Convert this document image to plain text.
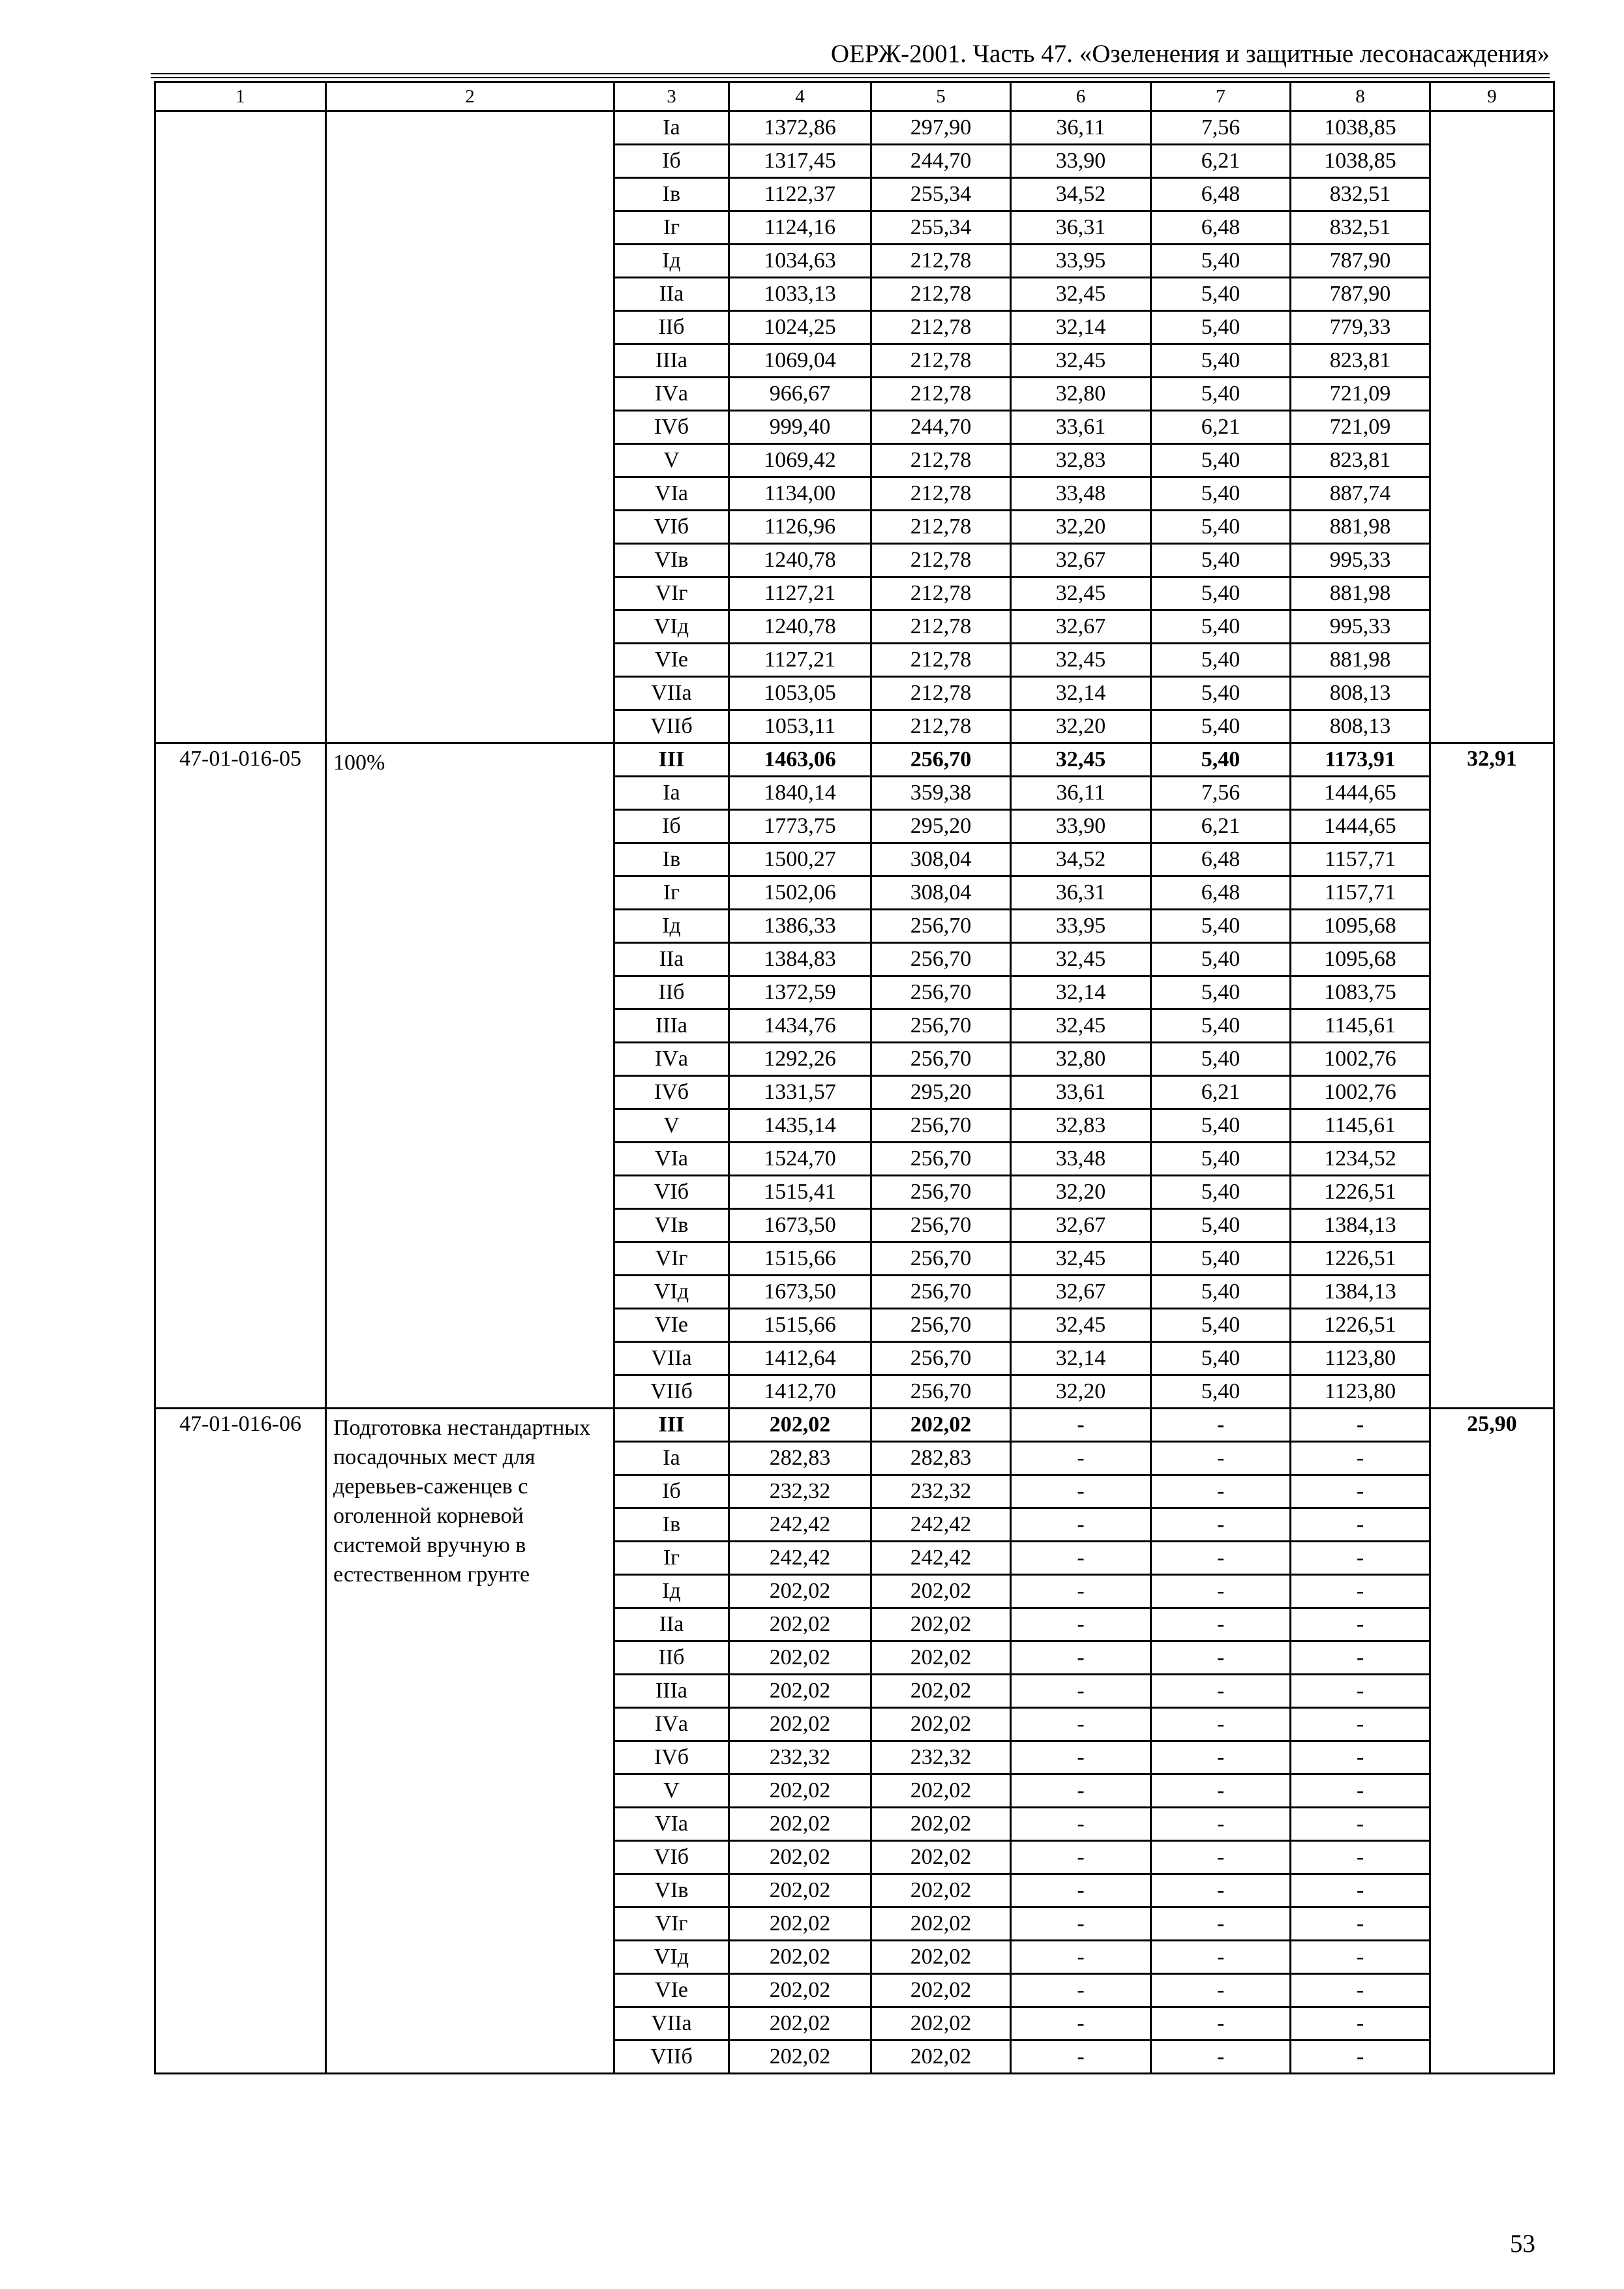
ОЕРЖ-2001. Часть 47. «Озеленения и защитные лесонасаждения»
1	2	3	4	5	6	7	8	9
		Iа	1372,86	297,90	36,11	7,56	1038,85	
		Iб	1317,45	244,70	33,90	6,21	1038,85	
		Iв	1122,37	255,34	34,52	6,48	832,51	
		Iг	1124,16	255,34	36,31	6,48	832,51	
		Iд	1034,63	212,78	33,95	5,40	787,90	
		IIа	1033,13	212,78	32,45	5,40	787,90	
		IIб	1024,25	212,78	32,14	5,40	779,33	
		IIIа	1069,04	212,78	32,45	5,40	823,81	
		IVа	966,67	212,78	32,80	5,40	721,09	
		IVб	999,40	244,70	33,61	6,21	721,09	
		V	1069,42	212,78	32,83	5,40	823,81	
		VIа	1134,00	212,78	33,48	5,40	887,74	
		VIб	1126,96	212,78	32,20	5,40	881,98	
		VIв	1240,78	212,78	32,67	5,40	995,33	
		VIг	1127,21	212,78	32,45	5,40	881,98	
		VIд	1240,78	212,78	32,67	5,40	995,33	
		VIе	1127,21	212,78	32,45	5,40	881,98	
		VIIа	1053,05	212,78	32,14	5,40	808,13	
		VIIб	1053,11	212,78	32,20	5,40	808,13	
47-01-016-05	100%	III	1463,06	256,70	32,45	5,40	1173,91	32,91
		Iа	1840,14	359,38	36,11	7,56	1444,65	
		Iб	1773,75	295,20	33,90	6,21	1444,65	
		Iв	1500,27	308,04	34,52	6,48	1157,71	
		Iг	1502,06	308,04	36,31	6,48	1157,71	
		Iд	1386,33	256,70	33,95	5,40	1095,68	
		IIа	1384,83	256,70	32,45	5,40	1095,68	
		IIб	1372,59	256,70	32,14	5,40	1083,75	
		IIIа	1434,76	256,70	32,45	5,40	1145,61	
		IVа	1292,26	256,70	32,80	5,40	1002,76	
		IVб	1331,57	295,20	33,61	6,21	1002,76	
		V	1435,14	256,70	32,83	5,40	1145,61	
		VIа	1524,70	256,70	33,48	5,40	1234,52	
		VIб	1515,41	256,70	32,20	5,40	1226,51	
		VIв	1673,50	256,70	32,67	5,40	1384,13	
		VIг	1515,66	256,70	32,45	5,40	1226,51	
		VIд	1673,50	256,70	32,67	5,40	1384,13	
		VIе	1515,66	256,70	32,45	5,40	1226,51	
		VIIа	1412,64	256,70	32,14	5,40	1123,80	
		VIIб	1412,70	256,70	32,20	5,40	1123,80	
47-01-016-06	Подготовка нестандартных посадочных мест для деревьев-саженцев с оголенной корневой системой вручную в естественном грунте	III	202,02	202,02	-	-	-	25,90
		Iа	282,83	282,83	-	-	-	
		Iб	232,32	232,32	-	-	-	
		Iв	242,42	242,42	-	-	-	
		Iг	242,42	242,42	-	-	-	
		Iд	202,02	202,02	-	-	-	
		IIа	202,02	202,02	-	-	-	
		IIб	202,02	202,02	-	-	-	
		IIIа	202,02	202,02	-	-	-	
		IVа	202,02	202,02	-	-	-	
		IVб	232,32	232,32	-	-	-	
		V	202,02	202,02	-	-	-	
		VIа	202,02	202,02	-	-	-	
		VIб	202,02	202,02	-	-	-	
		VIв	202,02	202,02	-	-	-	
		VIг	202,02	202,02	-	-	-	
		VIд	202,02	202,02	-	-	-	
		VIе	202,02	202,02	-	-	-	
		VIIа	202,02	202,02	-	-	-	
		VIIб	202,02	202,02	-	-	-	
53
